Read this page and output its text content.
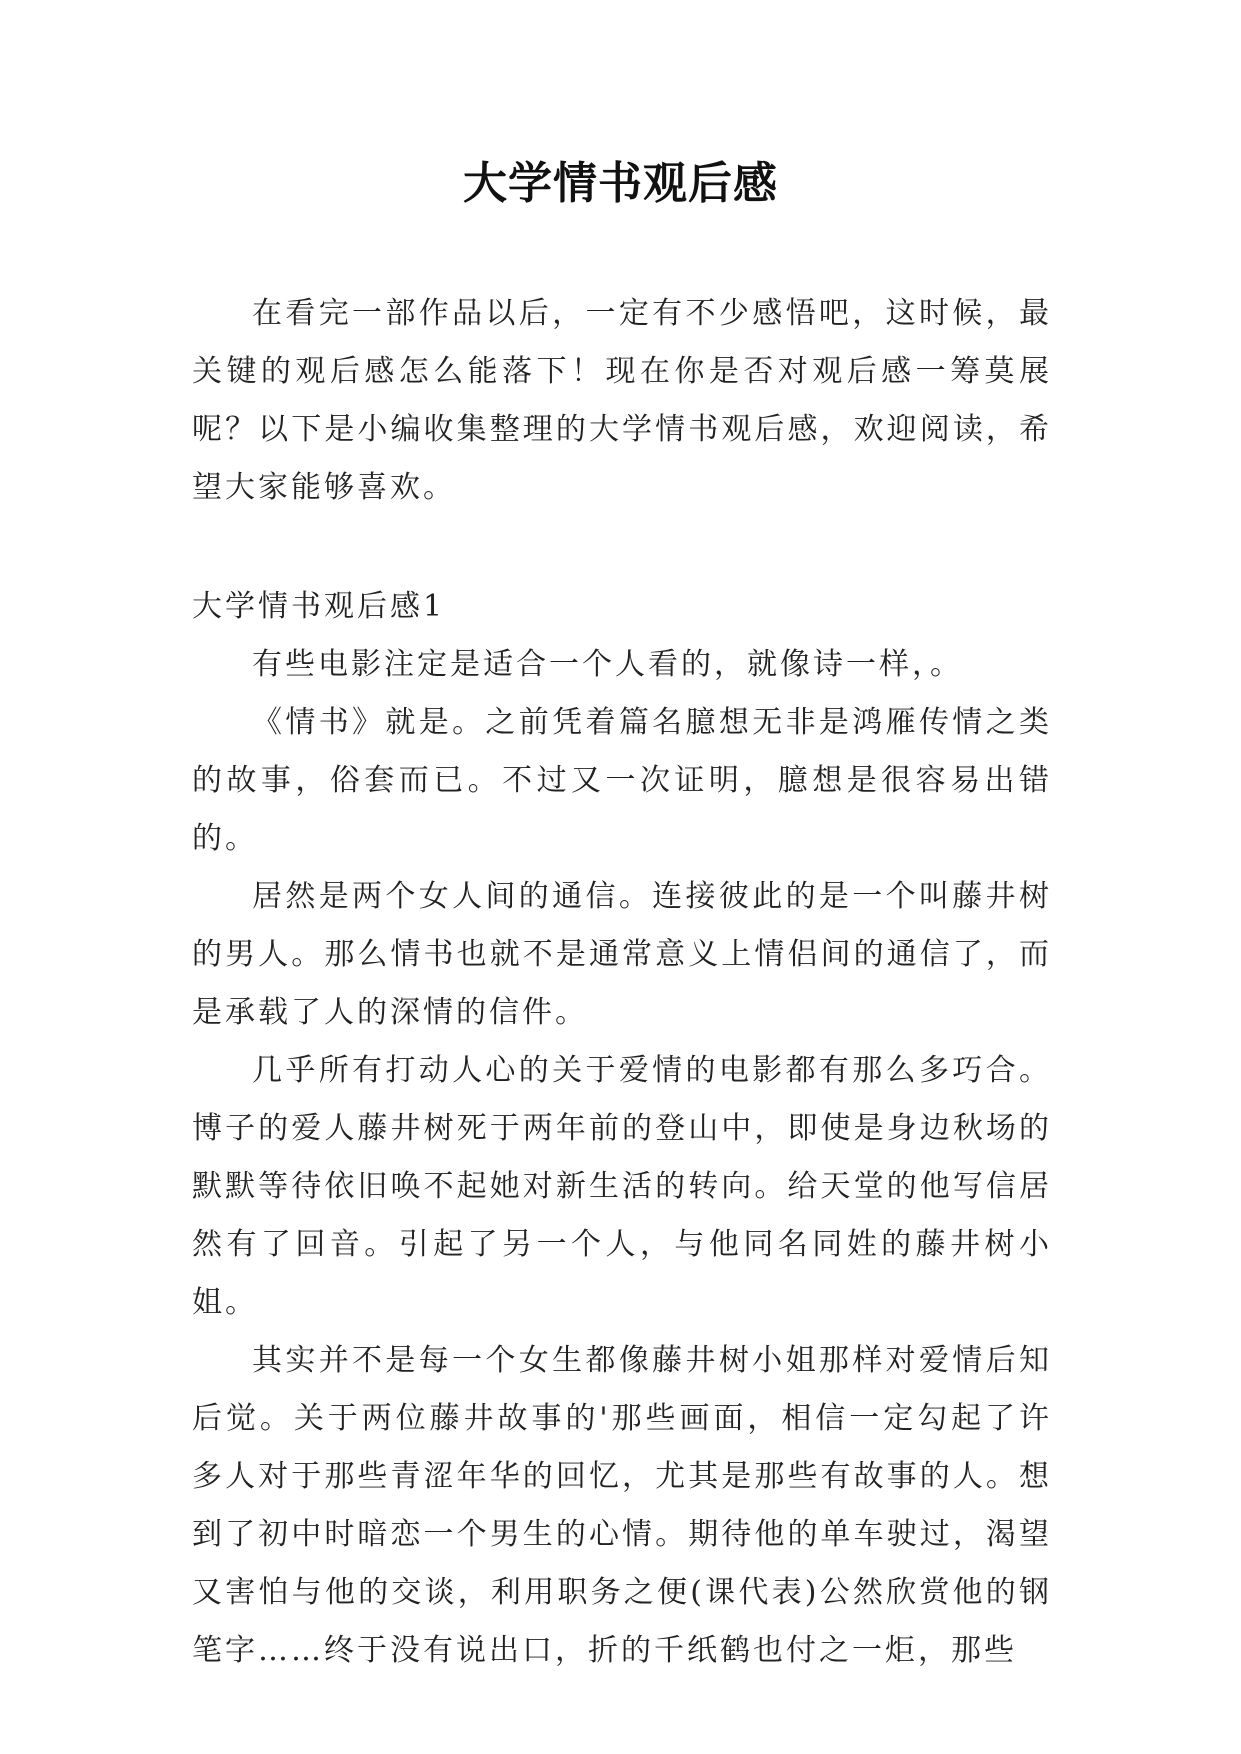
大学情书观后感

在看完一部作品以后，一定有不少感悟吧，这时候，最关键的观后感怎么能落下！现在你是否对观后感一筹莫展呢？以下是小编收集整理的大学情书观后感，欢迎阅读，希望大家能够喜欢。

大学情书观后感1

有些电影注定是适合一个人看的，就像诗一样，。

《情书》就是。之前凭着篇名臆想无非是鸿雁传情之类的故事，俗套而已。不过又一次证明，臆想是很容易出错的。

居然是两个女人间的通信。连接彼此的是一个叫藤井树的男人。那么情书也就不是通常意义上情侣间的通信了，而是承载了人的深情的信件。

几乎所有打动人心的关于爱情的电影都有那么多巧合。博子的爱人藤井树死于两年前的登山中，即使是身边秋场的默默等待依旧唤不起她对新生活的转向。给天堂的他写信居然有了回音。引起了另一个人，与他同名同姓的藤井树小姐。

其实并不是每一个女生都像藤井树小姐那样对爱情后知后觉。关于两位藤井故事的'那些画面，相信一定勾起了许多人对于那些青涩年华的回忆，尤其是那些有故事的人。想到了初中时暗恋一个男生的心情。期待他的单车驶过，渴望又害怕与他的交谈，利用职务之便(课代表)公然欣赏他的钢笔字……终于没有说出口，折的千纸鹤也付之一炬，那些
